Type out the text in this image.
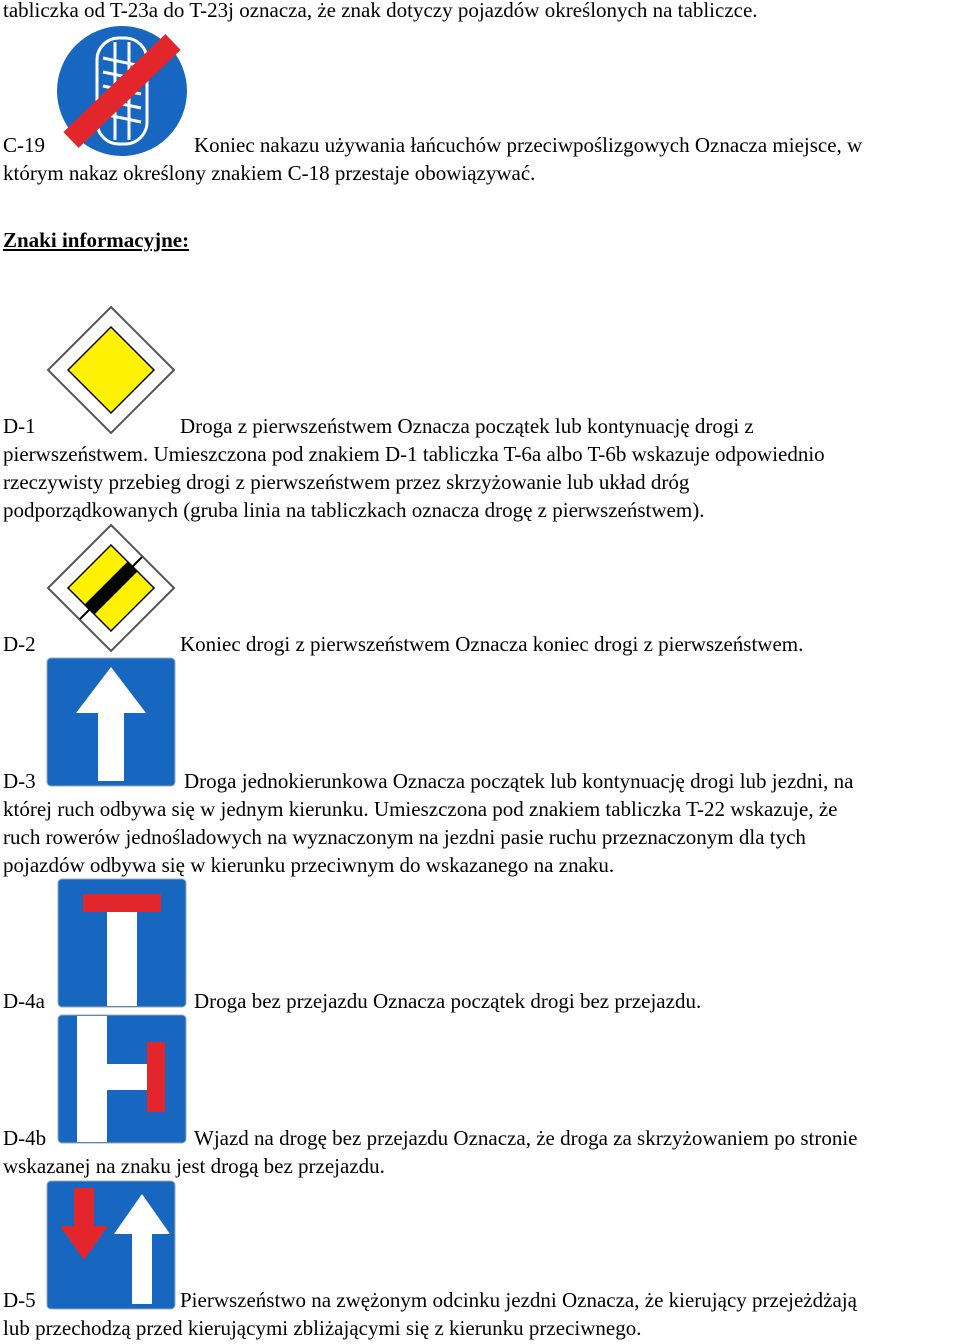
tabliczka od T-23a do T-23j oznacza, że znak dotyczy pojazdów określonych na tabliczce.
C-19	Koniec nakazu używania łańcuchów przeciwpoślizgowych Oznacza miejsce, w
którym nakaz określony znakiem C-18 przestaje obowiązywać.
Znaki informacyjne:
D-1	Droga z pierwszeństwem Oznacza początek lub kontynuację drogi z
pierwszeństwem. Umieszczona pod znakiem D-1 tabliczka T-6a albo T-6b wskazuje odpowiednio
rzeczywisty przebieg drogi z pierwszeństwem przez skrzyżowanie lub układ dróg
podporządkowanych (gruba linia na tabliczkach oznacza drogę z pierwszeństwem).
D-2	Koniec drogi z pierwszeństwem Oznacza koniec drogi z pierwszeństwem.
D-3	Droga jednokierunkowa Oznacza początek lub kontynuację drogi lub jezdni, na
której ruch odbywa się w jednym kierunku. Umieszczona pod znakiem tabliczka T-22 wskazuje, że
ruch rowerów jednośladowych na wyznaczonym na jezdni pasie ruchu przeznaczonym dla tych
pojazdów odbywa się w kierunku przeciwnym do wskazanego na znaku.
D-4a	Droga bez przejazdu Oznacza początek drogi bez przejazdu.
D-4b	Wjazd na drogę bez przejazdu Oznacza, że droga za skrzyżowaniem po stronie
wskazanej na znaku jest drogą bez przejazdu.
D-5	Pierwszeństwo na zwężonym odcinku jezdni Oznacza, że kierujący przejeżdżają
lub przechodzą przed kierującymi zbliżającymi się z kierunku przeciwnego.
